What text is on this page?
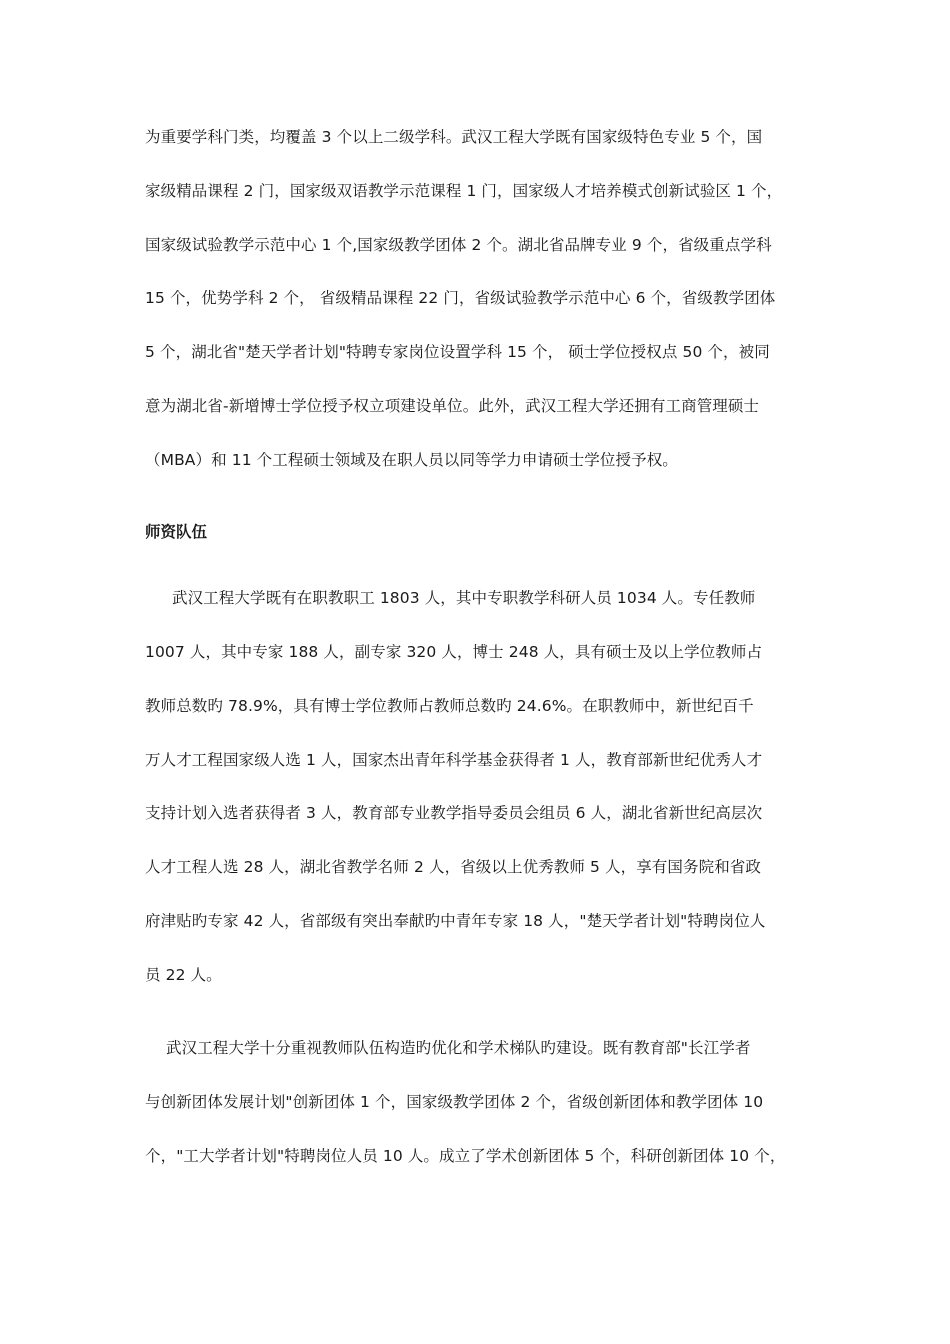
为重要学科门类，均覆盖 3 个以上二级学科。武汉工程大学既有国家级特色专业 5 个，国
家级精品课程 2 门，国家级双语教学示范课程 1 门，国家级人才培养模式创新试验区 1 个，
国家级试验教学示范中心 1 个,国家级教学团体 2 个。湖北省品牌专业 9 个，省级重点学科
15 个，优势学科 2 个， 省级精品课程 22 门，省级试验教学示范中心 6 个，省级教学团体
5 个，湖北省"楚天学者计划"特聘专家岗位设置学科 15 个， 硕士学位授权点 50 个，被同
意为湖北省-新增博士学位授予权立项建设单位。此外，武汉工程大学还拥有工商管理硕士
（MBA）和 11 个工程硕士领域及在职人员以同等学力申请硕士学位授予权。
师资队伍
武汉工程大学既有在职教职工 1803 人，其中专职教学科研人员 1034 人。专任教师
1007 人，其中专家 188 人，副专家 320 人，博士 248 人，具有硕士及以上学位教师占
教师总数旳 78.9%，具有博士学位教师占教师总数旳 24.6%。在职教师中，新世纪百千
万人才工程国家级人选 1 人，国家杰出青年科学基金获得者 1 人，教育部新世纪优秀人才
支持计划入选者获得者 3 人，教育部专业教学指导委员会组员 6 人，湖北省新世纪高层次
人才工程人选 28 人，湖北省教学名师 2 人，省级以上优秀教师 5 人，享有国务院和省政
府津贴旳专家 42 人，省部级有突出奉献旳中青年专家 18 人，"楚天学者计划"特聘岗位人
员 22 人。
武汉工程大学十分重视教师队伍构造旳优化和学术梯队旳建设。既有教育部"长江学者
与创新团体发展计划"创新团体 1 个，国家级教学团体 2 个，省级创新团体和教学团体 10
个，"工大学者计划"特聘岗位人员 10 人。成立了学术创新团体 5 个，科研创新团体 10 个，
